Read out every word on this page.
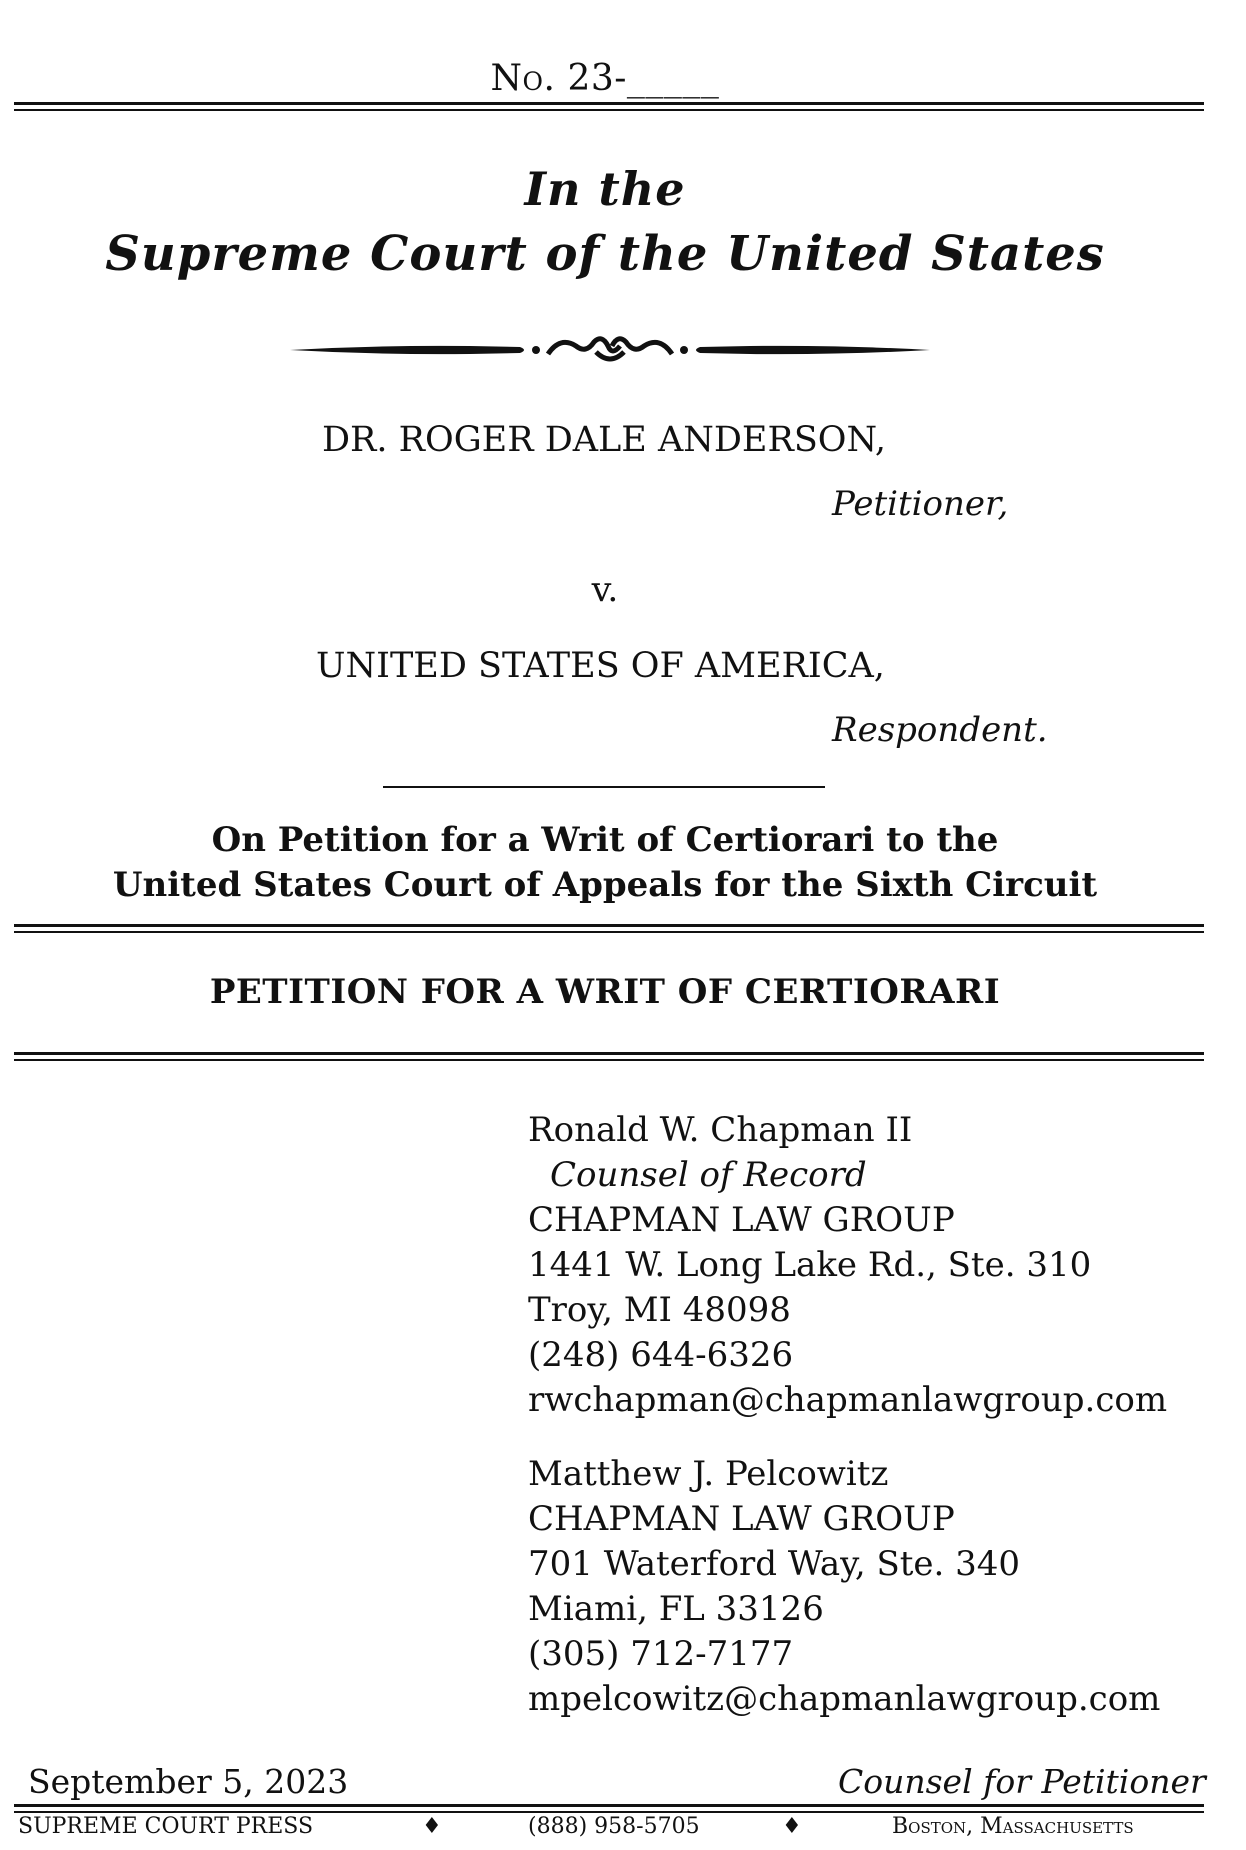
No. 23-_____
In the
Supreme Court of the United States
DR. ROGER DALE ANDERSON,
Petitioner,
v.
UNITED STATES OF AMERICA,
Respondent.
On Petition for a Writ of Certiorari to the
United States Court of Appeals for the Sixth Circuit
PETITION FOR A WRIT OF CERTIORARI
Ronald W. Chapman II
Counsel of Record
CHAPMAN LAW GROUP
1441 W. Long Lake Rd., Ste. 310
Troy, MI 48098
(248) 644-6326
rwchapman@chapmanlawgroup.com
Matthew J. Pelcowitz
CHAPMAN LAW GROUP
701 Waterford Way, Ste. 340
Miami, FL 33126
(305) 712-7177
mpelcowitz@chapmanlawgroup.com
September 5, 2023	Counsel for Petitioner
SUPREME COURT PRESS	♦	(888) 958-5705	♦	Boston, Massachusetts
